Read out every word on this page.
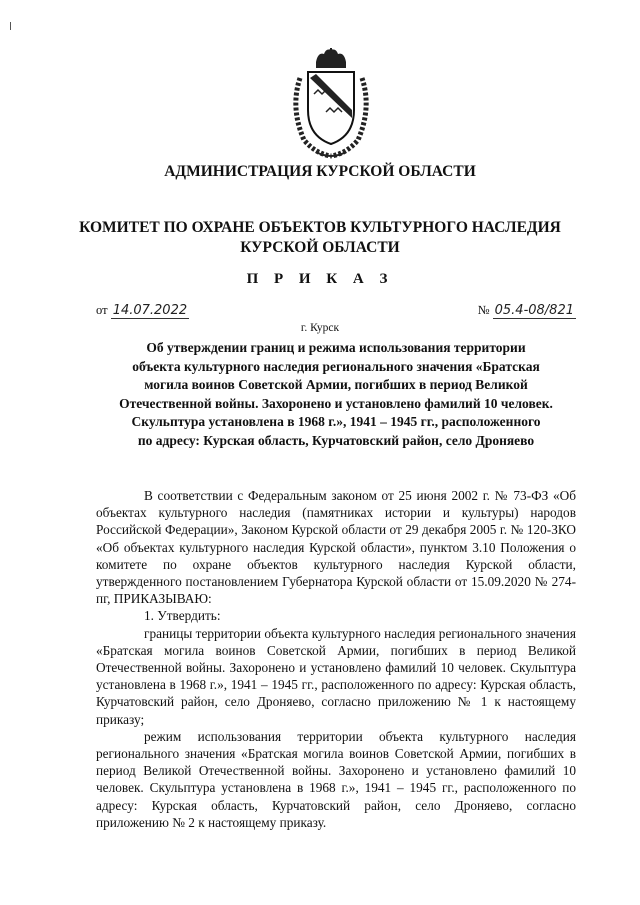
АДМИНИСТРАЦИЯ КУРСКОЙ ОБЛАСТИ
КОМИТЕТ ПО ОХРАНЕ ОБЪЕКТОВ КУЛЬТУРНОГО НАСЛЕДИЯ
КУРСКОЙ ОБЛАСТИ
П Р И К А З
от 14.07.2022	№ 05.4-08/821
г. Курск
Об утверждении границ и режима использования территории
объекта культурного наследия регионального значения «Братская
могила воинов Советской Армии, погибших в период Великой
Отечественной войны. Захоронено и установлено фамилий 10 человек.
Скульптура установлена в 1968 г.», 1941 – 1945 гг., расположенного
по адресу: Курская область, Курчатовский район, село Дроняево

В соответствии с Федеральным законом от 25 июня 2002 г. № 73-ФЗ «Об объектах культурного наследия (памятниках истории и культуры) народов Российской Федерации», Законом Курской области от 29 декабря 2005 г. № 120-ЗКО «Об объектах культурного наследия Курской области», пунктом 3.10 Положения о комитете по охране объектов культурного наследия Курской области, утвержденного постановлением Губернатора Курской области от 15.09.2020 № 274-пг, ПРИКАЗЫВАЮ:

1. Утвердить:

границы территории объекта культурного наследия регионального значения «Братская могила воинов Советской Армии, погибших в период Великой Отечественной войны. Захоронено и установлено фамилий 10 человек. Скульптура установлена в 1968 г.», 1941 – 1945 гг., расположенного по адресу: Курская область, Курчатовский район, село Дроняево, согласно приложению № 1 к настоящему приказу;

режим использования территории объекта культурного наследия регионального значения «Братская могила воинов Советской Армии, погибших в период Великой Отечественной войны. Захоронено и установлено фамилий 10 человек. Скульптура установлена в 1968 г.», 1941 – 1945 гг., расположенного по адресу: Курская область, Курчатовский район, село Дроняево, согласно приложению № 2 к настоящему приказу.
